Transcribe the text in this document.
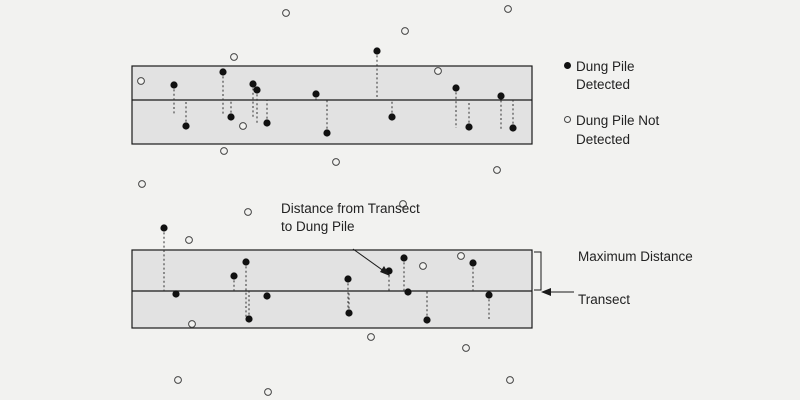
Dung Pile Detected
Dung Pile Not Detected
Distance from Transect to Dung Pile
Maximum Distance
Transect
